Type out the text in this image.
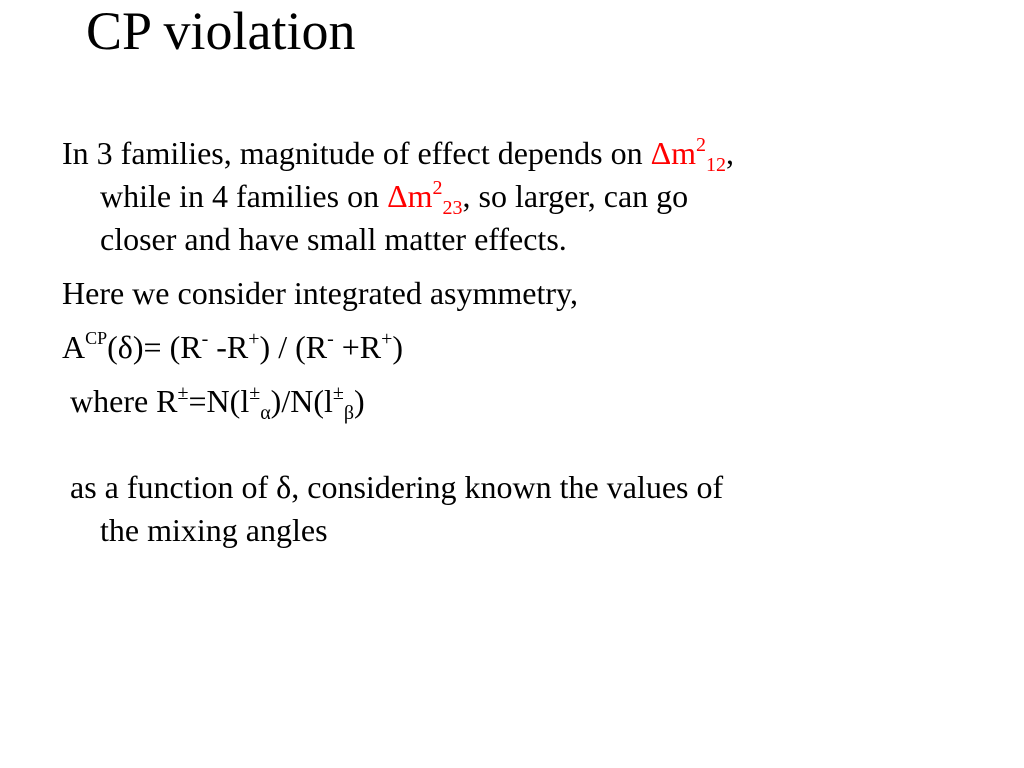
CP violation
In 3 families, magnitude of effect depends on $\Delta m^2_{12}$,
while in 4 families on $\Delta m^2_{23}$, so larger, can go
closer and have small matter effects.
Here we consider integrated asymmetry,
$A^{CP}(\delta)= (R^-$ -R+) / (R- +R+)
where $R^\pm=N(l^\pm_\alpha)/N(l^\pm_\beta)$
as a function of δ, considering known the values of
the mixing angles
